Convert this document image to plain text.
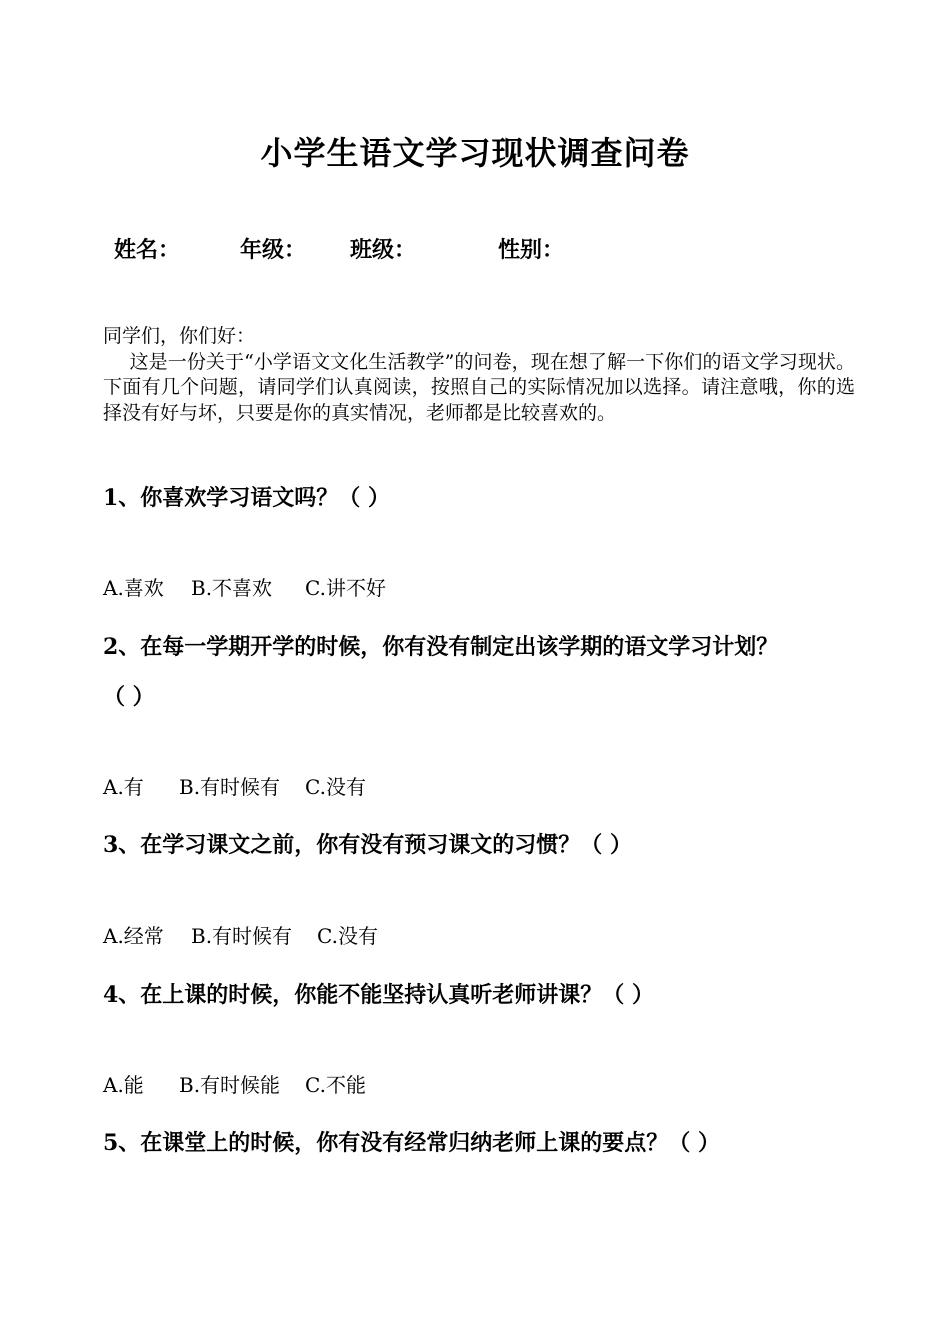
小学生语文学习现状调查问卷
姓名：	年级： 班级：	性别：

同学们，你们好：

这是一份关于“小学语文文化生活教学”的问卷，现在想了解一下你们的语文学习现状。下面有几个问题，请同学们认真阅读，按照自己的实际情况加以选择。请注意哦，你的选择没有好与坏，只要是你的真实情况，老师都是比较喜欢的。

1、你喜欢学习语文吗？（ ）
A.喜欢 B.不喜欢 C.讲不好
2、在每一学期开学的时候，你有没有制定出该学期的语文学习计划？
（ ）
A.有 B.有时候有 C.没有
3、在学习课文之前，你有没有预习课文的习惯？（ ）
A.经常 B.有时候有 C.没有
4、在上课的时候，你能不能坚持认真听老师讲课？（ ）
A.能 B.有时候能 C.不能
5、在课堂上的时候，你有没有经常归纳老师上课的要点？（ ）
